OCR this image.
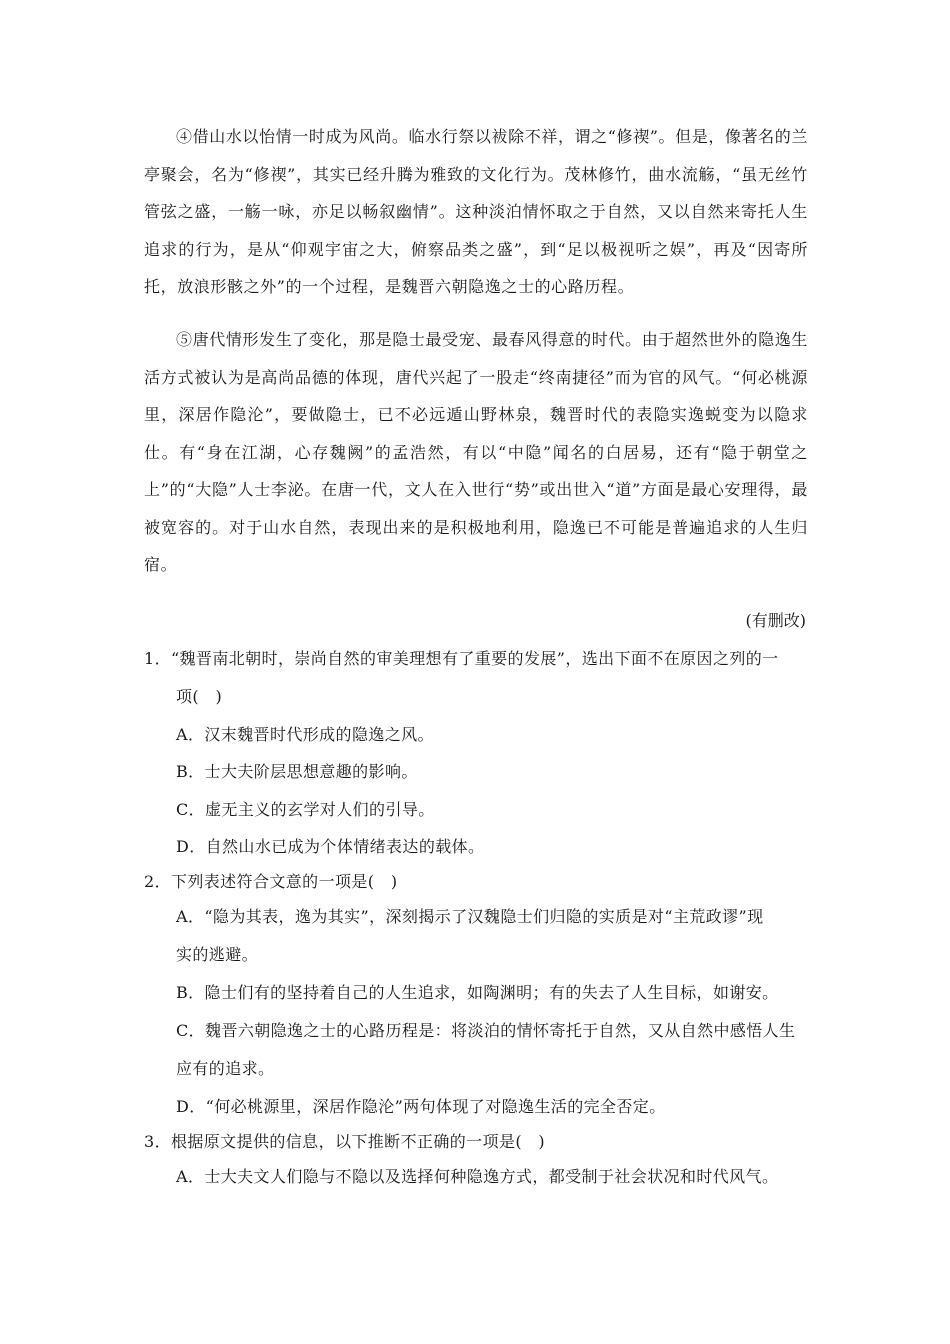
④借山水以怡情一时成为风尚。临水行祭以袚除不祥，谓之“修禊”。但是，像著名的兰亭聚会，名为“修禊”，其实已经升腾为雅致的文化行为。茂林修竹，曲水流觞，“虽无丝竹管弦之盛，一觞一咏，亦足以畅叙幽情”。这种淡泊情怀取之于自然，又以自然来寄托人生追求的行为，是从“仰观宇宙之大，俯察品类之盛”，到“足以极视听之娱”，再及“因寄所托，放浪形骸之外”的一个过程，是魏晋六朝隐逸之士的心路历程。

⑤唐代情形发生了变化，那是隐士最受宠、最春风得意的时代。由于超然世外的隐逸生活方式被认为是高尚品德的体现，唐代兴起了一股走“终南捷径”而为官的风气。“何必桃源里，深居作隐沦”，要做隐士，已不必远遁山野林泉，魏晋时代的表隐实逸蜕变为以隐求仕。有“身在江湖，心存魏阙”的孟浩然，有以“中隐”闻名的白居易，还有“隐于朝堂之上”的“大隐”人士李泌。在唐一代，文人在入世行“势”或出世入“道”方面是最心安理得，最被宽容的。对于山水自然，表现出来的是积极地利用，隐逸已不可能是普遍追求的人生归宿。

(有删改)

1．“魏晋南北朝时，崇尚自然的审美理想有了重要的发展”，选出下面不在原因之列的一

项(　)

A．汉末魏晋时代形成的隐逸之风。

B．士大夫阶层思想意趣的影响。

C．虚无主义的玄学对人们的引导。

D．自然山水已成为个体情绪表达的载体。

2．下列表述符合文意的一项是(　)

A．“隐为其表，逸为其实”，深刻揭示了汉魏隐士们归隐的实质是对“主荒政谬”现

实的逃避。

B．隐士们有的坚持着自己的人生追求，如陶渊明；有的失去了人生目标，如谢安。

C．魏晋六朝隐逸之士的心路历程是：将淡泊的情怀寄托于自然，又从自然中感悟人生

应有的追求。

D．“何必桃源里，深居作隐沦”两句体现了对隐逸生活的完全否定。

3．根据原文提供的信息，以下推断不正确的一项是(　)

A．士大夫文人们隐与不隐以及选择何种隐逸方式，都受制于社会状况和时代风气。
